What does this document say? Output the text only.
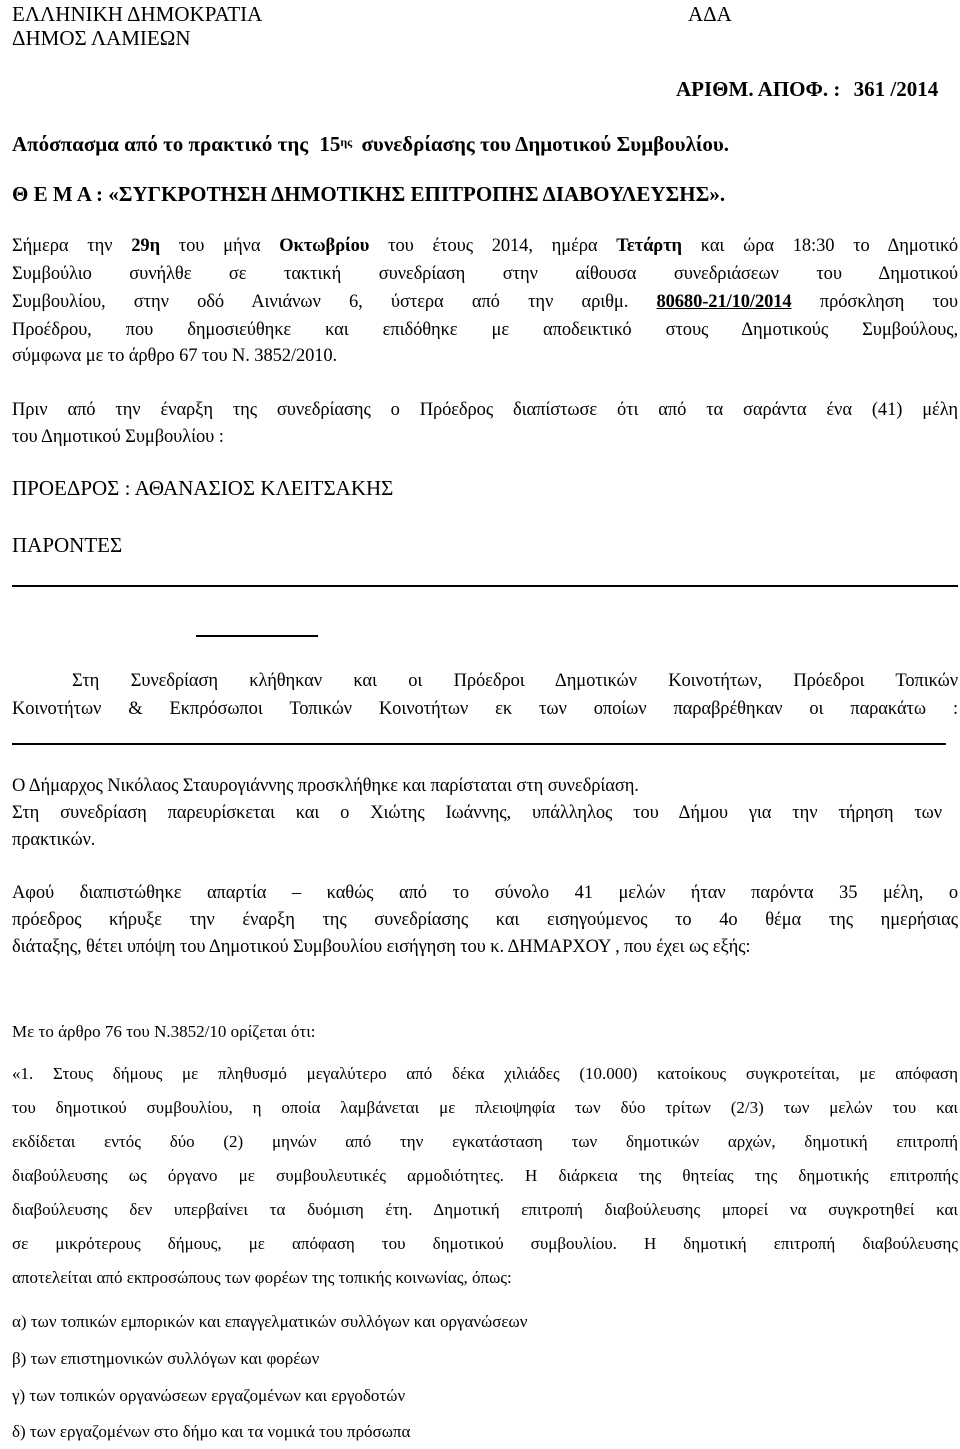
ΕΛΛΗΝΙΚΗ ΔΗΜΟΚΡΑΤΙΑ
ΔΗΜΟΣ ΛΑΜΙΕΩΝ
ΑΔΑ
ΑΡΙΘΜ. ΑΠΟΦ. : 361 /2014
Απόσπασμα από το πρακτικό της $15^{\eta\varsigma}$ συνεδρίασης του Δημοτικού Συμβουλίου.
Θ Ε Μ Α : «ΣΥΓΚΡΟΤΗΣΗ ΔΗΜΟΤΙΚΗΣ ΕΠΙΤΡΟΠΗΣ ΔΙΑΒΟΥΛΕΥΣΗΣ».
Σήμερα την 29η του μήνα Οκτωβρίου του έτους 2014, ημέρα Τετάρτη και ώρα 18:30 το Δημοτικό
Συμβούλιο συνήλθε σε τακτική συνεδρίαση στην αίθουσα συνεδριάσεων του Δημοτικού
Συμβουλίου, στην οδό Αινιάνων 6, ύστερα από την αριθμ. 80680-21/10/2014 πρόσκληση του
Προέδρου, που δημοσιεύθηκε και επιδόθηκε με αποδεικτικό στους Δημοτικούς Συμβούλους,
σύμφωνα με το άρθρο 67 του Ν. 3852/2010.
Πριν από την έναρξη της συνεδρίασης ο Πρόεδρος διαπίστωσε ότι από τα σαράντα ένα (41) μέλη
του Δημοτικού Συμβουλίου :
ΠΡΟΕΔΡΟΣ : ΑΘΑΝΑΣΙΟΣ ΚΛΕΙΤΣΑΚΗΣ
ΠΑΡΟΝΤΕΣ
Στη Συνεδρίαση κλήθηκαν και οι Πρόεδροι Δημοτικών Κοινοτήτων, Πρόεδροι Τοπικών
Κοινοτήτων & Εκπρόσωποι Τοπικών Κοινοτήτων εκ των οποίων παραβρέθηκαν οι παρακάτω :
Ο Δήμαρχος Νικόλαος Σταυρογιάννης προσκλήθηκε και παρίσταται στη συνεδρίαση.
Στη συνεδρίαση παρευρίσκεται και ο Χιώτης Ιωάννης, υπάλληλος του Δήμου για την τήρηση των
πρακτικών.
Αφού διαπιστώθηκε απαρτία – καθώς από το σύνολο 41 μελών ήταν παρόντα 35 μέλη, ο
πρόεδρος κήρυξε την έναρξη της συνεδρίασης και εισηγούμενος το 4ο θέμα της ημερήσιας
διάταξης, θέτει υπόψη του Δημοτικού Συμβουλίου εισήγηση του κ. ΔΗΜΑΡΧΟΥ , που έχει ως εξής:
Με το άρθρο 76 του Ν.3852/10 ορίζεται ότι:
«1. Στους δήμους με πληθυσμό μεγαλύτερο από δέκα χιλιάδες (10.000) κατοίκους συγκροτείται, με απόφαση
του δημοτικού συμβουλίου, η οποία λαμβάνεται με πλειοψηφία των δύο τρίτων (2/3) των μελών του και
εκδίδεται εντός δύο (2) μηνών από την εγκατάσταση των δημοτικών αρχών, δημοτική επιτροπή
διαβούλευσης ως όργανο με συμβουλευτικές αρμοδιότητες. Η διάρκεια της θητείας της δημοτικής επιτροπής
διαβούλευσης δεν υπερβαίνει τα δυόμιση έτη. Δημοτική επιτροπή διαβούλευσης μπορεί να συγκροτηθεί και
σε μικρότερους δήμους, με απόφαση του δημοτικού συμβουλίου. Η δημοτική επιτροπή διαβούλευσης
αποτελείται από εκπροσώπους των φορέων της τοπικής κοινωνίας, όπως:
α) των τοπικών εμπορικών και επαγγελματικών συλλόγων και οργανώσεων
β) των επιστημονικών συλλόγων και φορέων
γ) των τοπικών οργανώσεων εργαζομένων και εργοδοτών
δ) των εργαζομένων στο δήμο και τα νομικά του πρόσωπα
